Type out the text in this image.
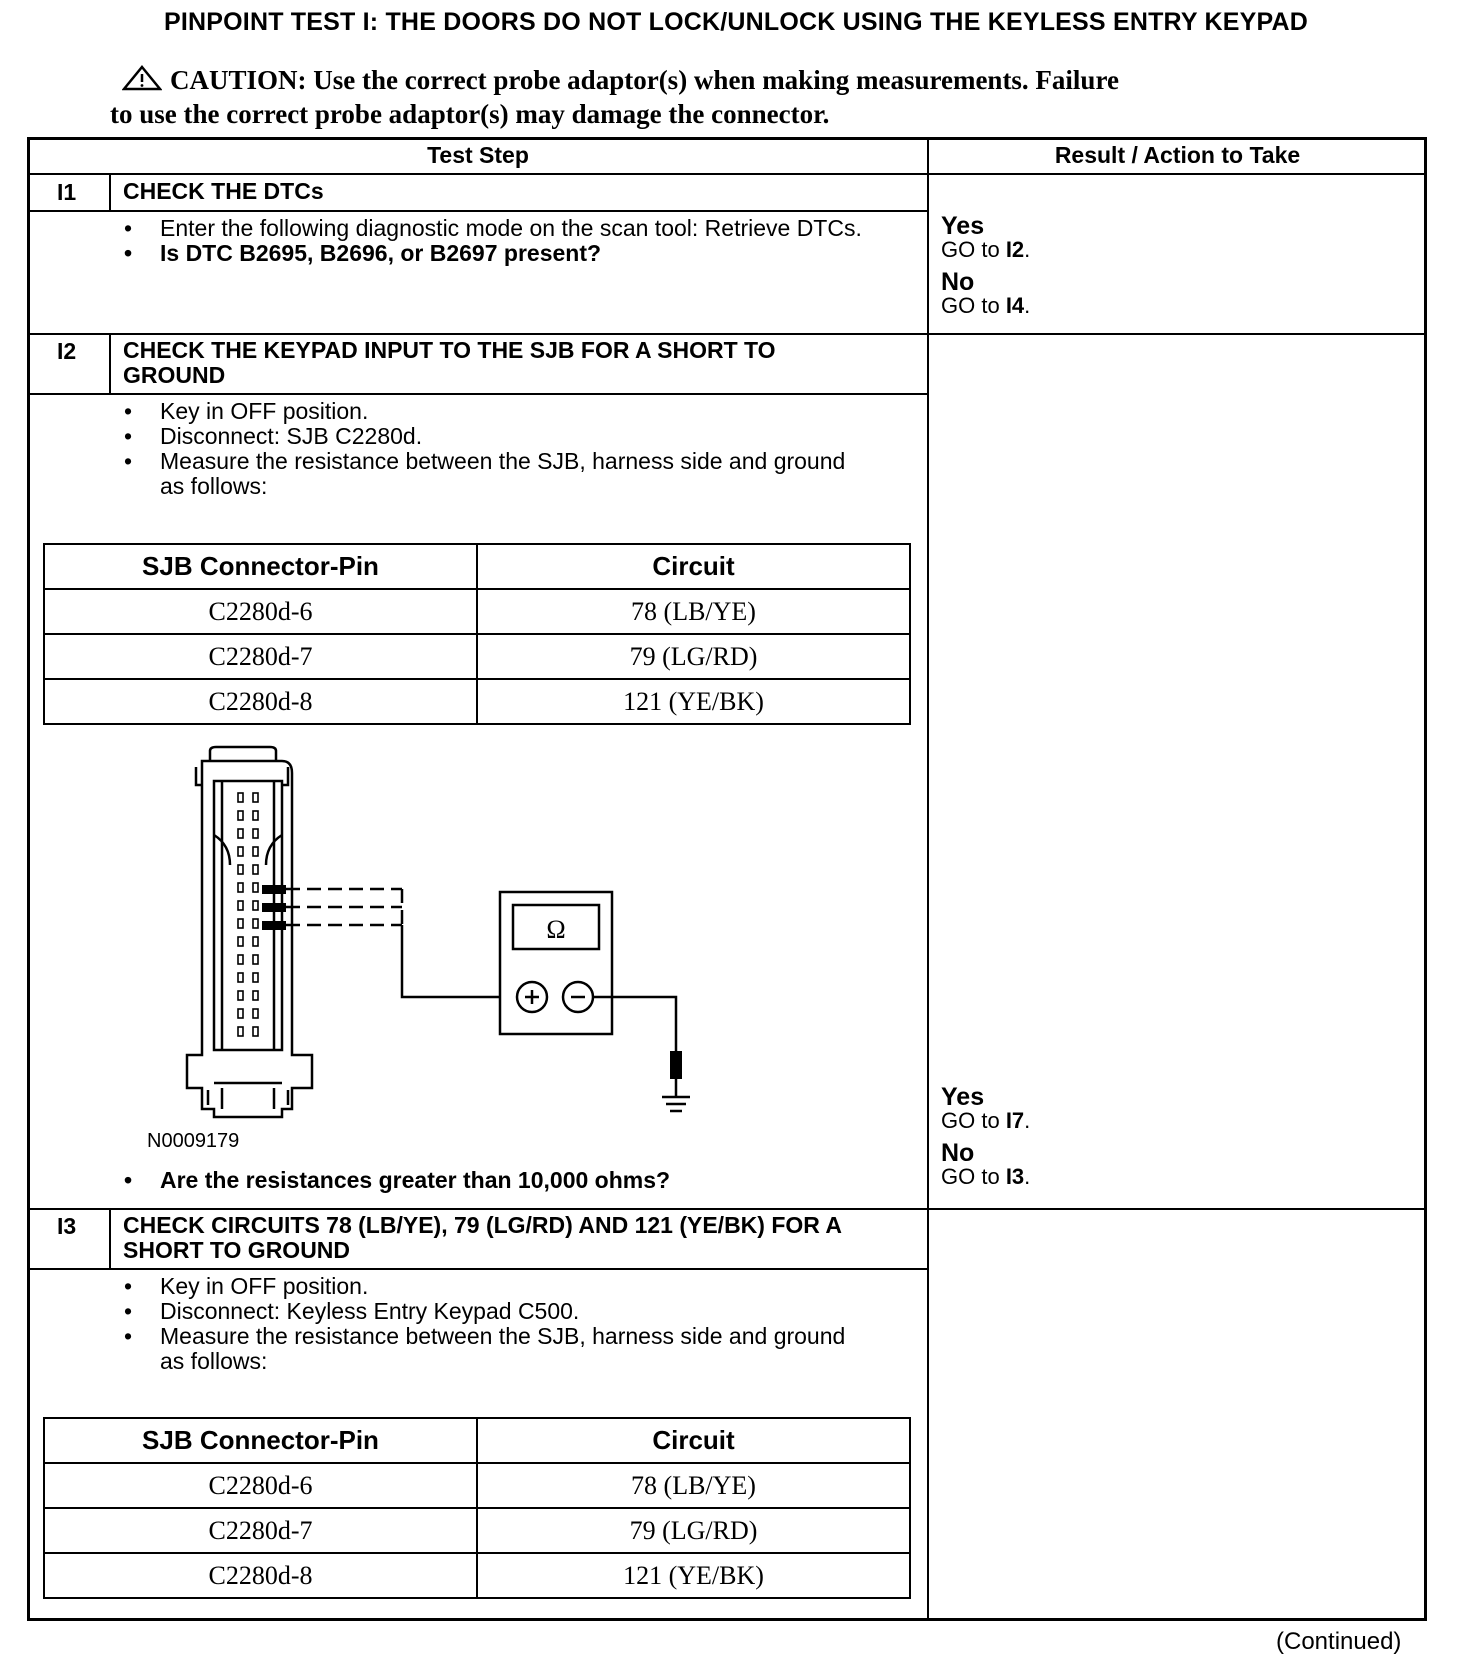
PINPOINT TEST I: THE DOORS DO NOT LOCK/UNLOCK USING THE KEYLESS ENTRY KEYPAD
CAUTION: Use the correct probe adaptor(s) when making measurements. Failure
to use the correct probe adaptor(s) may damage the connector.
Test Step	Result / Action to Take
I1 CHECK THE DTCs
• Enter the following diagnostic mode on the scan tool: Retrieve DTCs.
• Is DTC B2695, B2696, or B2697 present?
Yes
GO to I2.
No
GO to I4.
I2 CHECK THE KEYPAD INPUT TO THE SJB FOR A SHORT TO GROUND
• Key in OFF position.
• Disconnect: SJB C2280d.
• Measure the resistance between the SJB, harness side and ground as follows:
SJB Connector-Pin	Circuit
C2280d-6	78 (LB/YE)
C2280d-7	79 (LG/RD)
C2280d-8	121 (YE/BK)
Ω
N0009179
• Are the resistances greater than 10,000 ohms?
Yes
GO to I7.
No
GO to I3.
I3 CHECK CIRCUITS 78 (LB/YE), 79 (LG/RD) AND 121 (YE/BK) FOR A SHORT TO GROUND
• Key in OFF position.
• Disconnect: Keyless Entry Keypad C500.
• Measure the resistance between the SJB, harness side and ground as follows:
SJB Connector-Pin	Circuit
C2280d-6	78 (LB/YE)
C2280d-7	79 (LG/RD)
C2280d-8	121 (YE/BK)
(Continued)
